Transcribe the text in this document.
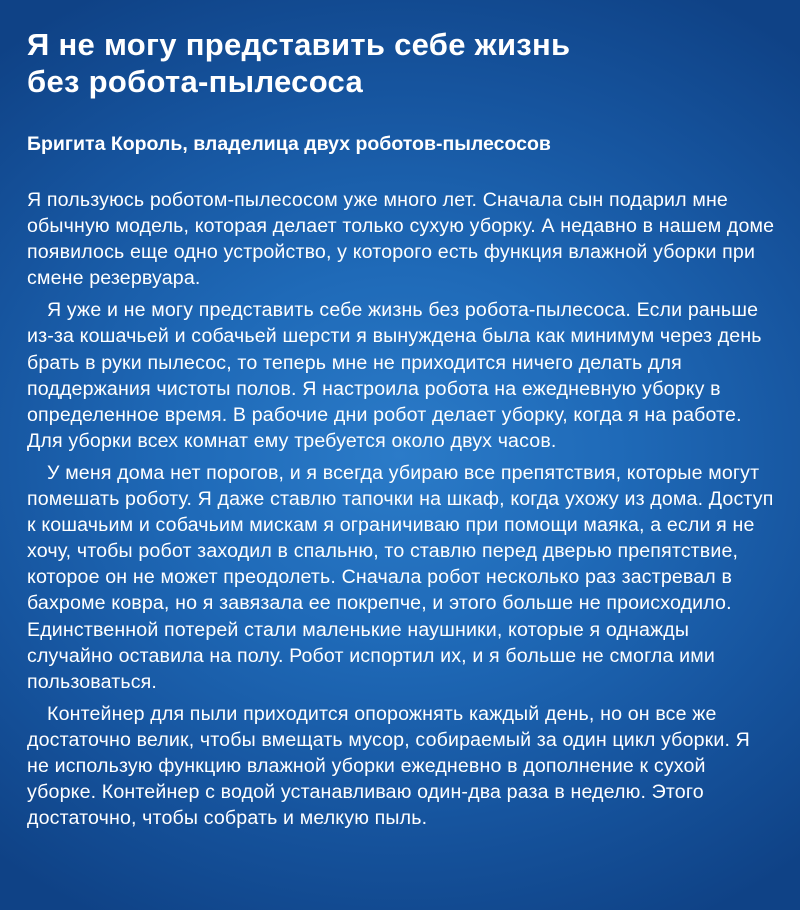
Я не могу представить себе жизнь
без робота-пылесоса
Бригита Король, владелица двух роботов-пылесосов

Я пользуюсь роботом-пылесосом уже много лет. Сначала сын подарил мне обычную модель, которая делает только сухую уборку. А недавно в нашем доме появилось еще одно устройство, у которого есть функция влажной уборки при смене резервуара.

Я уже и не могу представить себе жизнь без робота-пылесоса. Если раньше из-за кошачьей и собачьей шерсти я вынуждена была как минимум через день брать в руки пылесос, то теперь мне не приходится ничего делать для поддержания чистоты полов. Я настроила робота на ежедневную уборку в определенное время. В рабочие дни робот делает уборку, когда я на работе. Для уборки всех комнат ему требуется около двух часов.

У меня дома нет порогов, и я всегда убираю все препятствия, которые могут помешать роботу. Я даже ставлю тапочки на шкаф, когда ухожу из дома. Доступ к кошачьим и собачьим мискам я ограничиваю при помощи маяка, а если я не хочу, чтобы робот заходил в спальню, то ставлю перед дверью препятствие, которое он не может преодолеть. Сначала робот несколько раз застревал в бахроме ковра, но я завязала ее покрепче, и этого больше не происходило. Единственной потерей стали маленькие наушники, которые я однажды случайно оставила на полу. Робот испортил их, и я больше не смогла ими пользоваться.

Контейнер для пыли приходится опорожнять каждый день, но он все же достаточно велик, чтобы вмещать мусор, собираемый за один цикл уборки. Я не использую функцию влажной уборки ежедневно в дополнение к сухой уборке. Контейнер с водой устанавливаю один-два раза в неделю. Этого достаточно, чтобы собрать и мелкую пыль.
